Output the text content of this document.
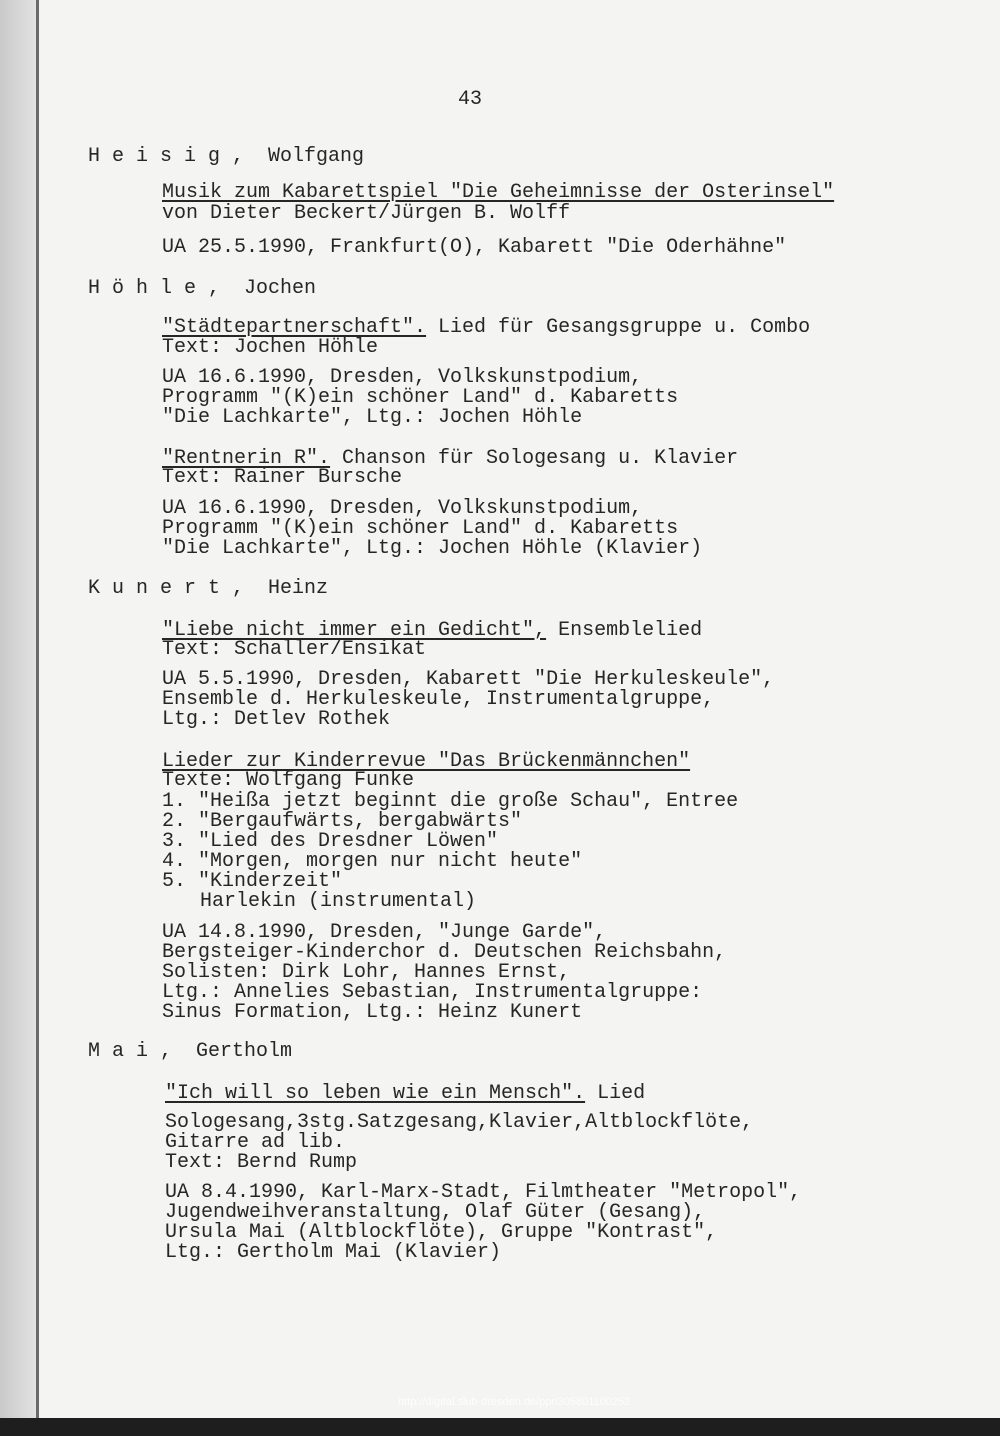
43
H e i s i g ,  Wolfgang
Musik zum Kabarettspiel "Die Geheimnisse der Osterinsel"
von Dieter Beckert/Jürgen B. Wolff
UA 25.5.1990, Frankfurt(O), Kabarett "Die Oderhähne"
H ö h l e ,  Jochen
"Städtepartnerschaft". Lied für Gesangsgruppe u. Combo
Text: Jochen Höhle
UA 16.6.1990, Dresden, Volkskunstpodium,
Programm "(K)ein schöner Land" d. Kabaretts
"Die Lachkarte", Ltg.: Jochen Höhle
"Rentnerin R". Chanson für Sologesang u. Klavier
Text: Rainer Bursche
UA 16.6.1990, Dresden, Volkskunstpodium,
Programm "(K)ein schöner Land" d. Kabaretts
"Die Lachkarte", Ltg.: Jochen Höhle (Klavier)
K u n e r t ,  Heinz
"Liebe nicht immer ein Gedicht", Ensemblelied
Text: Schaller/Ensikat
UA 5.5.1990, Dresden, Kabarett "Die Herkuleskeule",
Ensemble d. Herkuleskeule, Instrumentalgruppe,
Ltg.: Detlev Rothek
Lieder zur Kinderrevue "Das Brückenmännchen"
Texte: Wolfgang Funke
1. "Heißa jetzt beginnt die große Schau", Entree
2. "Bergaufwärts, bergabwärts"
3. "Lied des Dresdner Löwen"
4. "Morgen, morgen nur nicht heute"
5. "Kinderzeit"
Harlekin (instrumental)
UA 14.8.1990, Dresden, "Junge Garde",
Bergsteiger-Kinderchor d. Deutschen Reichsbahn,
Solisten: Dirk Lohr, Hannes Ernst,
Ltg.: Annelies Sebastian, Instrumentalgruppe:
Sinus Formation, Ltg.: Heinz Kunert
M a i ,  Gertholm
"Ich will so leben wie ein Mensch". Lied
Sologesang,3stg.Satzgesang,Klavier,Altblockflöte,
Gitarre ad lib.
Text: Bernd Rump
UA 8.4.1990, Karl-Marx-Stadt, Filmtheater "Metropol",
Jugendweihveranstaltung, Olaf Güter (Gesang),
Ursula Mai (Altblockflöte), Gruppe "Kontrast",
Ltg.: Gertholm Mai (Klavier)
http://digital.slub-dresden.de/ppn305801100252
